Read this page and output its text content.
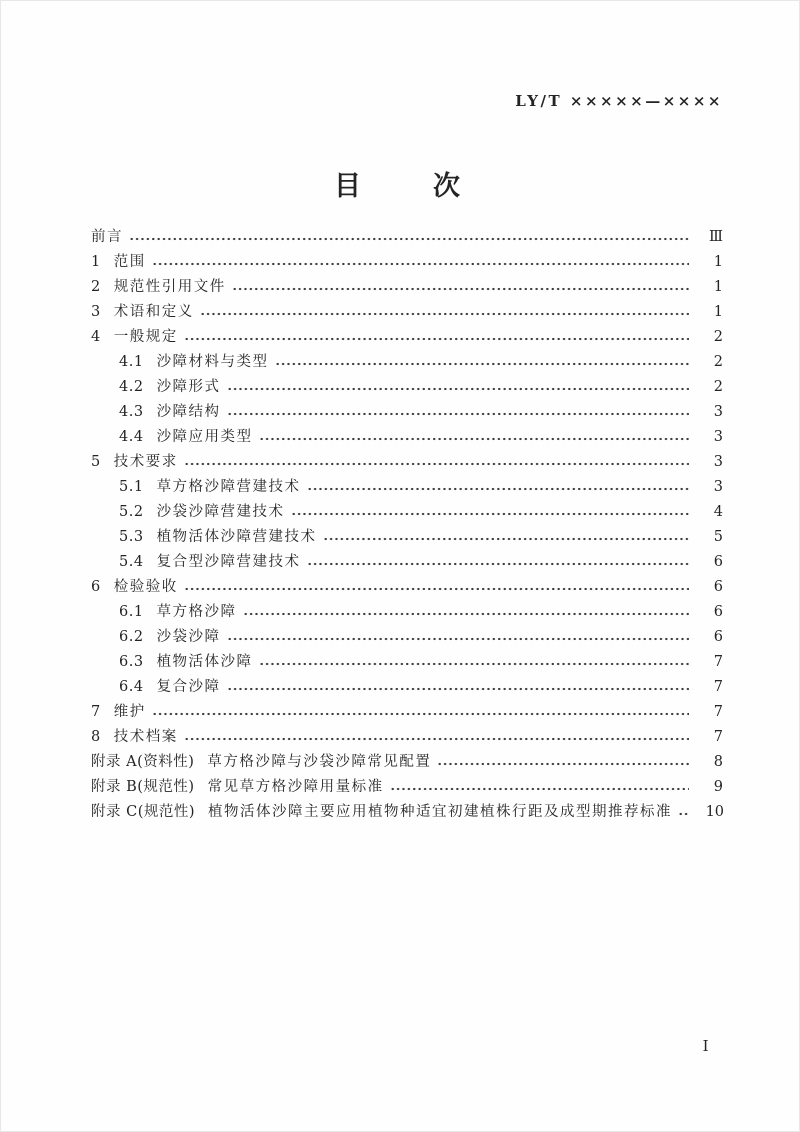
LY/T ×××××—××××
目　　次
前言	Ⅲ
1 范围	1
2 规范性引用文件	1
3 术语和定义	1
4 一般规定	2
4.1 沙障材料与类型	2
4.2 沙障形式	2
4.3 沙障结构	3
4.4 沙障应用类型	3
5 技术要求	3
5.1 草方格沙障营建技术	3
5.2 沙袋沙障营建技术	4
5.3 植物活体沙障营建技术	5
5.4 复合型沙障营建技术	6
6 检验验收	6
6.1 草方格沙障	6
6.2 沙袋沙障	6
6.3 植物活体沙障	7
6.4 复合沙障	7
7 维护	7
8 技术档案	7
附录 A(资料性) 草方格沙障与沙袋沙障常见配置	8
附录 B(规范性) 常见草方格沙障用量标准	9
附录 C(规范性) 植物活体沙障主要应用植物种适宜初建植株行距及成型期推荐标准	10
Ⅰ
